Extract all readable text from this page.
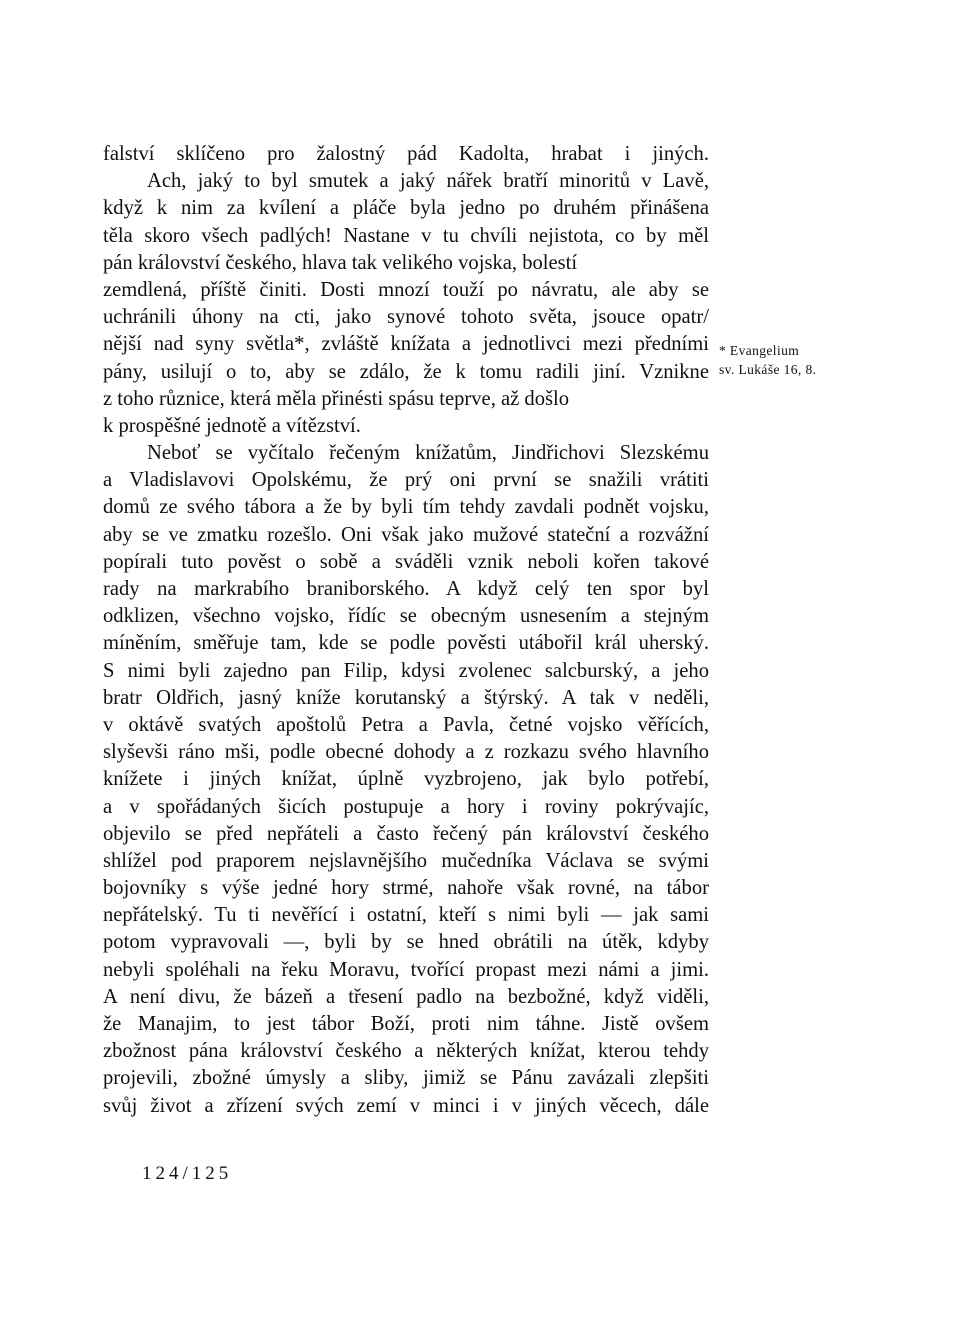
falství sklíčeno pro žalostný pád Kadolta, hrabat i jiných.
Ach, jaký to byl smutek a jaký nářek bratří minoritů v Lavě,
když k nim za kvílení a pláče byla jedno po druhém přinášena
těla skoro všech padlých! Nastane v tu chvíli nejistota, co by měl
pán království českého, hlava tak velikého vojska, bolestí
zemdlená, příště činiti. Dosti mnozí touží po návratu, ale aby se
uchránili úhony na cti, jako synové tohoto světa, jsouce opatr/
nější nad syny světla*, zvláště knížata a jednotlivci mezi předními
pány, usilují o to, aby se zdálo, že k tomu radili jiní. Vznikne
z toho různice, která měla přinésti spásu teprve, až došlo
k prospěšné jednotě a vítězství.
Neboť se vyčítalo řečeným knížatům, Jindřichovi Slezskému
a Vladislavovi Opolskému, že prý oni první se snažili vrátiti
domů ze svého tábora a že by byli tím tehdy zavdali podnět vojsku,
aby se ve zmatku rozešlo. Oni však jako mužové stateční a rozvážní
popírali tuto pověst o sobě a sváděli vznik neboli kořen takové
rady na markrabího braniborského. A když celý ten spor byl
odklizen, všechno vojsko, řídíc se obecným usnesením a stejným
míněním, směřuje tam, kde se podle pověsti utábořil král uherský.
S nimi byli zajedno pan Filip, kdysi zvolenec salcburský, a jeho
bratr Oldřich, jasný kníže korutanský a štýrský. A tak v neděli,
v oktávě svatých apoštolů Petra a Pavla, četné vojsko věřících,
slyševši ráno mši, podle obecné dohody a z rozkazu svého hlavního
knížete i jiných knížat, úplně vyzbrojeno, jak bylo potřebí,
a v spořádaných šicích postupuje a hory i roviny pokrývajíc,
objevilo se před nepřáteli a často řečený pán království českého
shlížel pod praporem nejslavnějšího mučedníka Václava se svými
bojovníky s výše jedné hory strmé, nahoře však rovné, na tábor
nepřátelský. Tu ti nevěřící i ostatní, kteří s nimi byli — jak sami
potom vypravovali —, byli by se hned obrátili na útěk, kdyby
nebyli spoléhali na řeku Moravu, tvořící propast mezi námi a jimi.
A není divu, že bázeň a třesení padlo na bezbožné, když viděli,
že Manajim, to jest tábor Boží, proti nim táhne. Jistě ovšem
zbožnost pána království českého a některých knížat, kterou tehdy
projevili, zbožné úmysly a sliby, jimiž se Pánu zavázali zlepšiti
svůj život a zřízení svých zemí v minci i v jiných věcech, dále
* Evangelium
sv. Lukáše 16, 8.
124/125
